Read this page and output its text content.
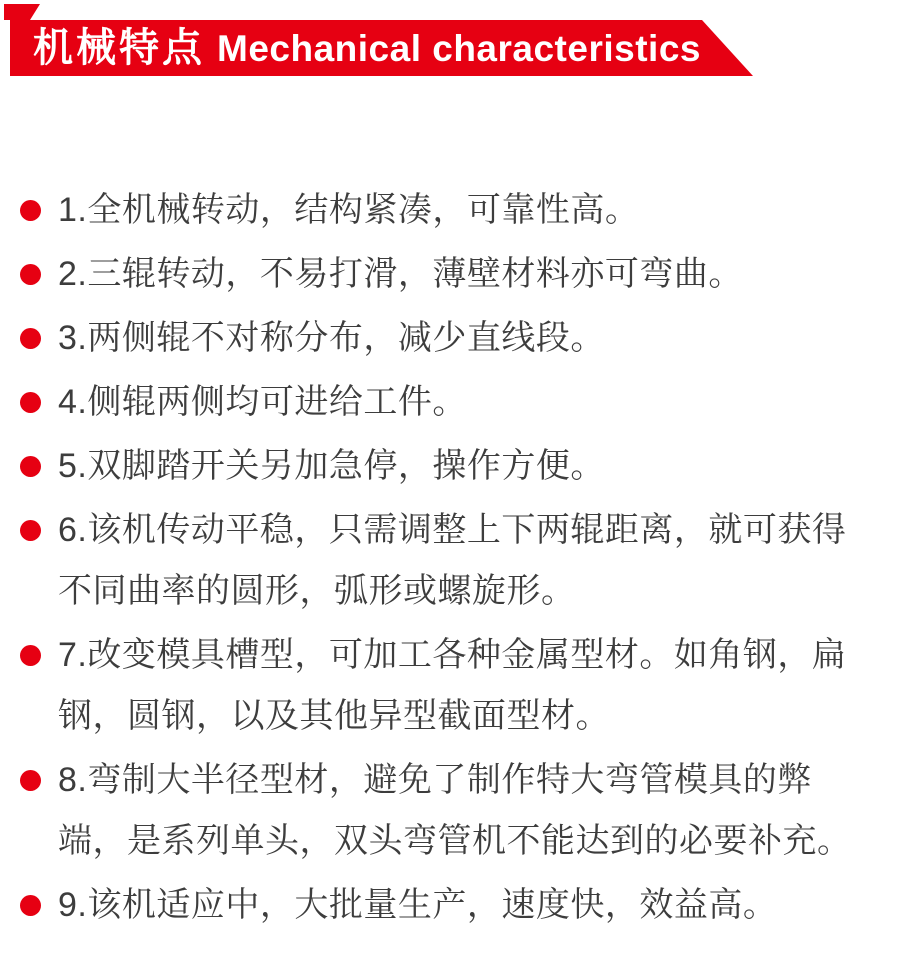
机械特点 Mechanical characteristics
1.全机械转动，结构紧凑，可靠性高。
2.三辊转动，不易打滑，薄壁材料亦可弯曲。
3.两侧辊不对称分布，减少直线段。
4.侧辊两侧均可进给工件。
5.双脚踏开关另加急停，操作方便。
6.该机传动平稳，只需调整上下两辊距离，就可获得
不同曲率的圆形，弧形或螺旋形。
7.改变模具槽型，可加工各种金属型材。如角钢，扁
钢，圆钢，以及其他异型截面型材。
8.弯制大半径型材，避免了制作特大弯管模具的弊
端，是系列单头，双头弯管机不能达到的必要补充。
9.该机适应中，大批量生产，速度快，效益高。
